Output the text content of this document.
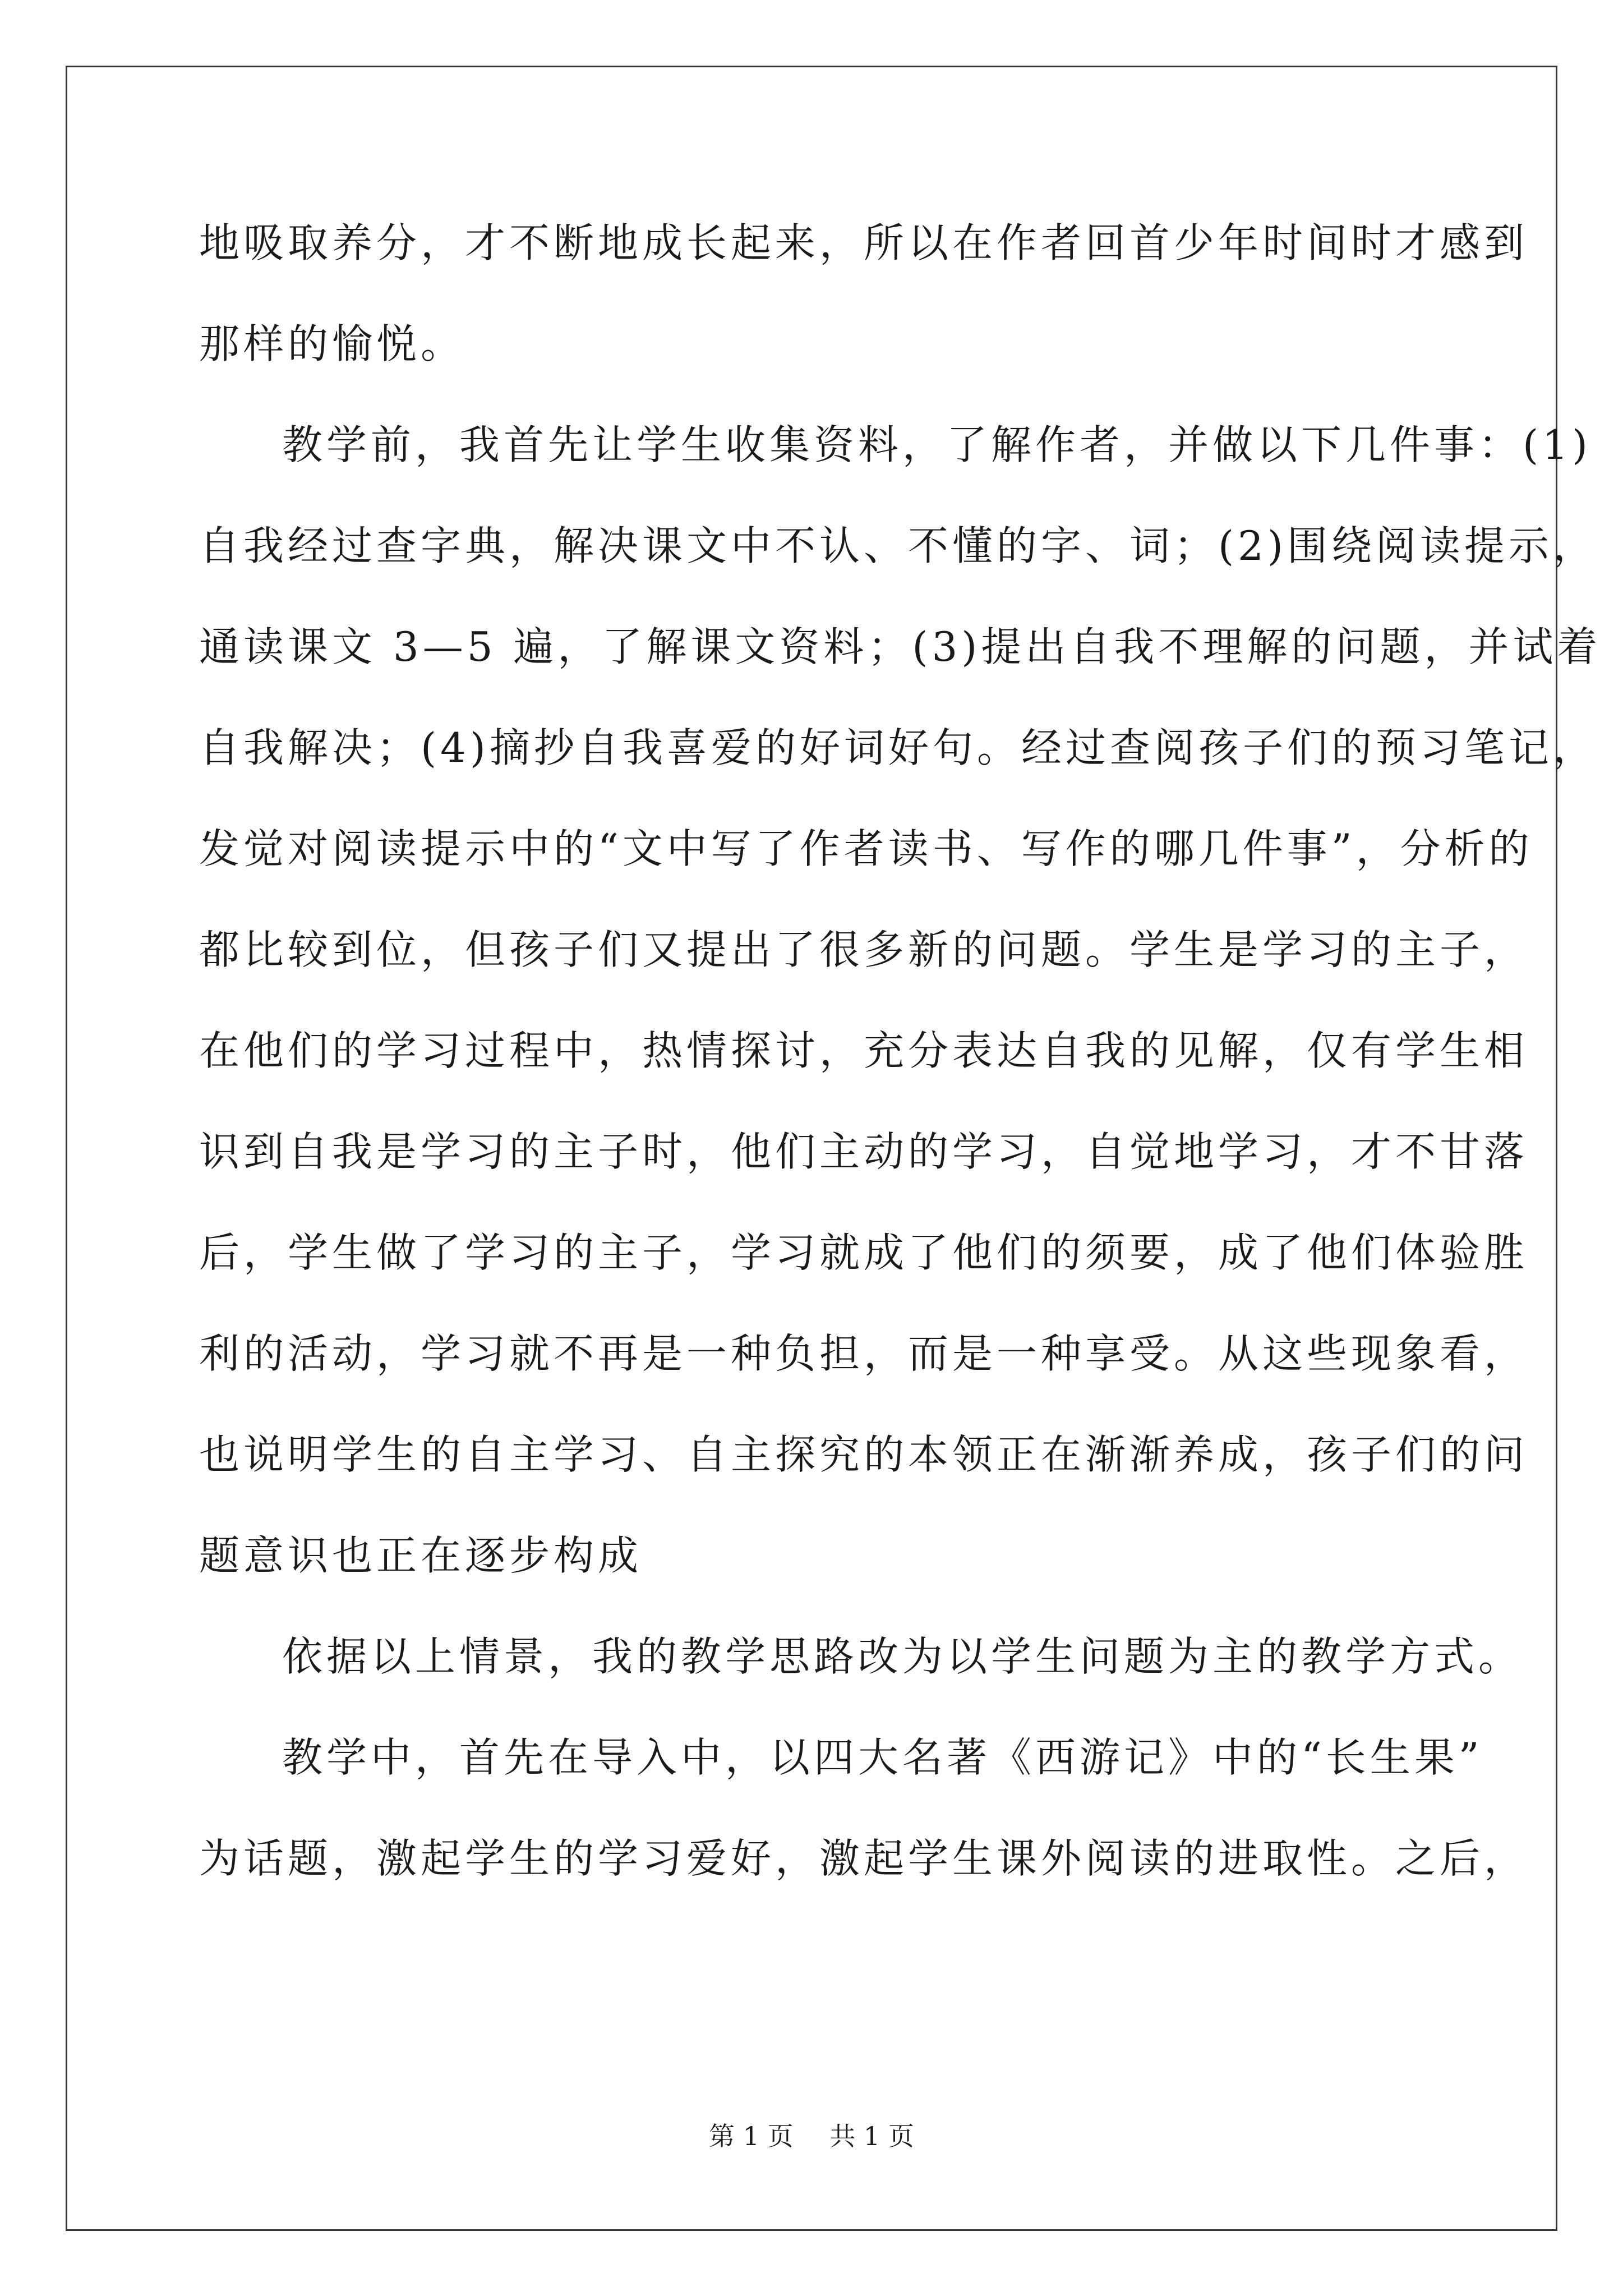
地吸取养分，才不断地成长起来，所以在作者回首少年时间时才感到
那样的愉悦。
教学前，我首先让学生收集资料，了解作者，并做以下几件事：(1)
自我经过查字典，解决课文中不认、不懂的字、词；(2)围绕阅读提示，
通读课文 3—5 遍，了解课文资料；(3)提出自我不理解的问题，并试着
自我解决；(4)摘抄自我喜爱的好词好句。经过查阅孩子们的预习笔记，
发觉对阅读提示中的“文中写了作者读书、写作的哪几件事”，分析的
都比较到位，但孩子们又提出了很多新的问题。学生是学习的主子，
在他们的学习过程中，热情探讨，充分表达自我的见解，仅有学生相
识到自我是学习的主子时，他们主动的学习，自觉地学习，才不甘落
后，学生做了学习的主子，学习就成了他们的须要，成了他们体验胜
利的活动，学习就不再是一种负担，而是一种享受。从这些现象看，
也说明学生的自主学习、自主探究的本领正在渐渐养成，孩子们的问
题意识也正在逐步构成
依据以上情景，我的教学思路改为以学生问题为主的教学方式。
教学中，首先在导入中，以四大名著《西游记》中的“长生果”
为话题，激起学生的学习爱好，激起学生课外阅读的进取性。之后，
第 1 页 共 1 页
